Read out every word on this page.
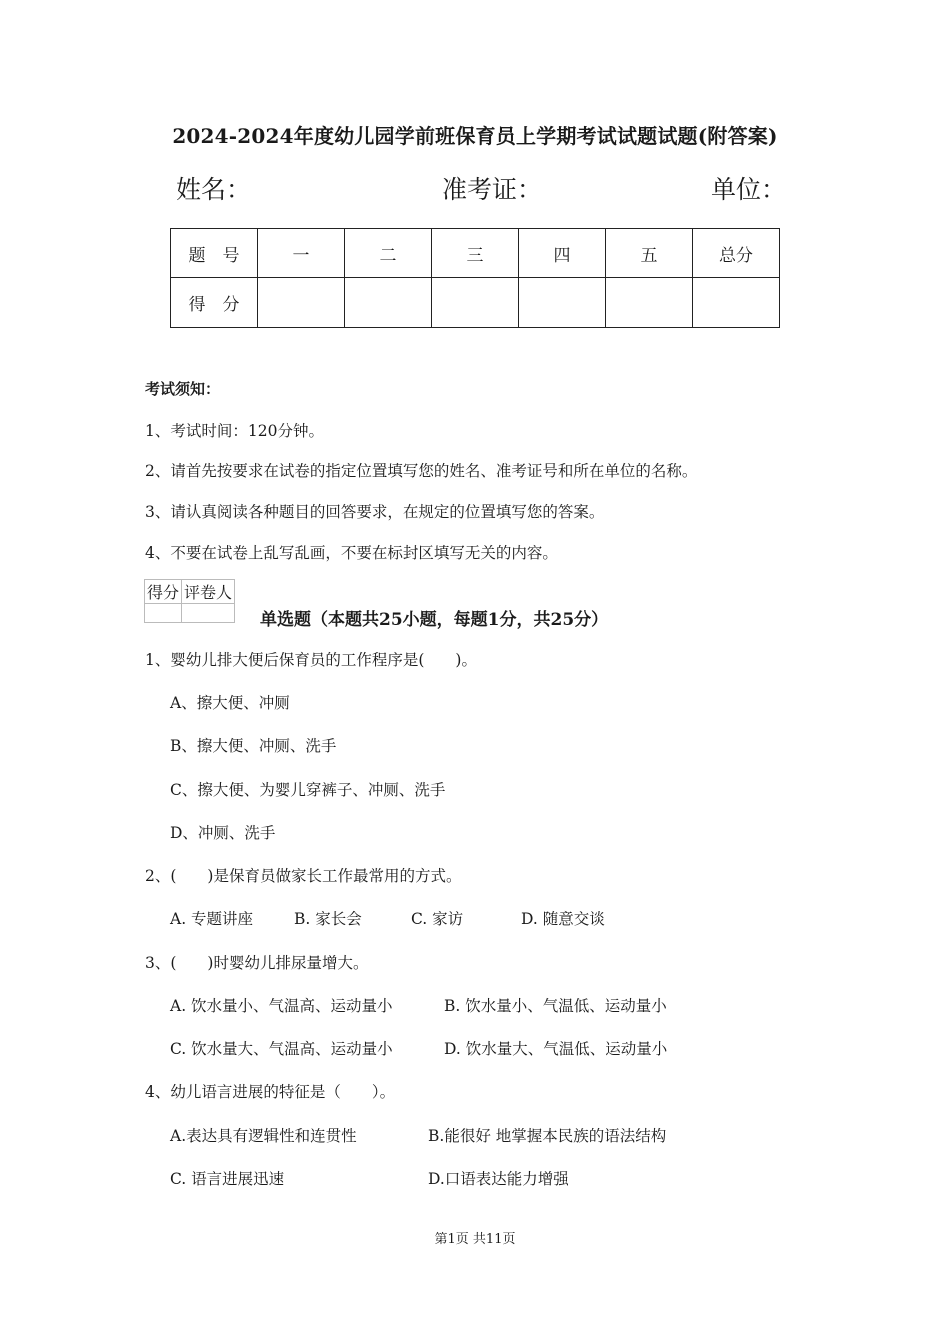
2024-2024年度幼儿园学前班保育员上学期考试试题试题(附答案)
姓名：	准考证：	单位：
题　号	一	二	三	四	五	总分
得　分						
考试须知：
1、考试时间：120分钟。
2、请首先按要求在试卷的指定位置填写您的姓名、准考证号和所在单位的名称。
3、请认真阅读各种题目的回答要求，在规定的位置填写您的答案。
4、不要在试卷上乱写乱画，不要在标封区填写无关的内容。
得分	评卷人

单选题（本题共25小题，每题1分，共25分）
1、婴幼儿排大便后保育员的工作程序是(　　)。
A、擦大便、冲厕
B、擦大便、冲厕、洗手
C、擦大便、为婴儿穿裤子、冲厕、洗手
D、冲厕、洗手
2、(　　)是保育员做家长工作最常用的方式。
A. 专题讲座	B. 家长会	C. 家访	D. 随意交谈
3、(　　)时婴幼儿排尿量增大。
A. 饮水量小、气温高、运动量小	B. 饮水量小、气温低、运动量小
C. 饮水量大、气温高、运动量小	D. 饮水量大、气温低、运动量小
4、幼儿语言进展的特征是（　　）。
A.表达具有逻辑性和连贯性	B.能很好 地掌握本民族的语法结构
C. 语言进展迅速	D.口语表达能力增强
第1页 共11页
